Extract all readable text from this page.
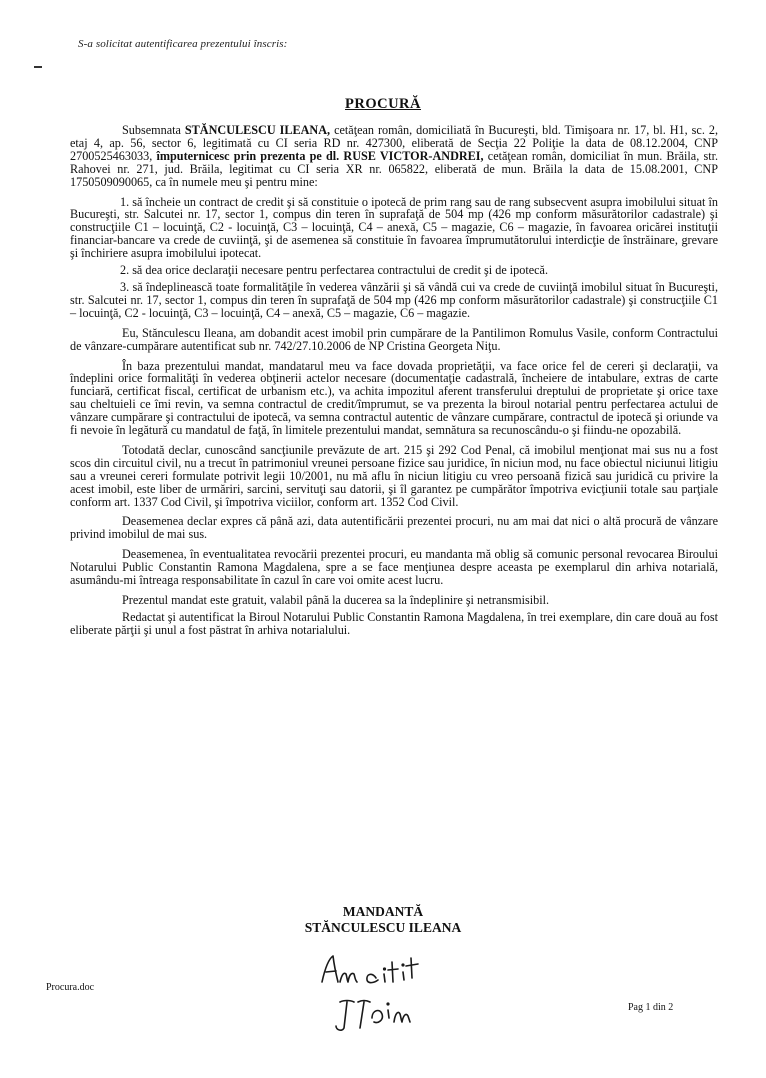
S-a solicitat autentificarea prezentului înscris:
PROCURĂ

Subsemnata STĂNCULESCU ILEANA, cetăţean român, domiciliată în Bucureşti, bld. Timişoara nr. 17, bl. H1, sc. 2, etaj 4, ap. 56, sector 6, legitimată cu CI seria RD nr. 427300, eliberată de Secţia 22 Poliţie la data de 08.12.2004, CNP 2700525463033, împuternicesc prin prezenta pe dl. RUSE VICTOR-ANDREI, cetăţean român, domiciliat în mun. Brăila, str. Rahovei nr. 271, jud. Brăila, legitimat cu CI seria XR nr. 065822, eliberată de mun. Brăila la data de 15.08.2001, CNP 1750509090065, ca în numele meu şi pentru mine:

1. să încheie un contract de credit şi să constituie o ipotecă de prim rang sau de rang subsecvent asupra imobilului situat în Bucureşti, str. Salcutei nr. 17, sector 1, compus din teren în suprafaţă de 504 mp (426 mp conform măsurătorilor cadastrale) şi construcţiile C1 – locuinţă, C2 - locuinţă, C3 – locuinţă, C4 – anexă, C5 – magazie, C6 – magazie, în favoarea oricărei instituţii financiar-bancare va crede de cuviinţă, şi de asemenea să constituie în favoarea împrumutătorului interdicţie de înstrăinare, grevare şi închiriere asupra imobilului ipotecat.

2. să dea orice declaraţii necesare pentru perfectarea contractului de credit şi de ipotecă.

3. să îndeplinească toate formalităţile în vederea vânzării şi să vândă cui va crede de cuviinţă imobilul situat în Bucureşti, str. Salcutei nr. 17, sector 1, compus din teren în suprafaţă de 504 mp (426 mp conform măsurătorilor cadastrale) şi construcţiile C1 – locuinţă, C2 - locuinţă, C3 – locuinţă, C4 – anexă, C5 – magazie, C6 – magazie.

Eu, Stănculescu Ileana, am dobandit acest imobil prin cumpărare de la Pantilimon Romulus Vasile, conform Contractului de vânzare-cumpărare autentificat sub nr. 742/27.10.2006 de NP Cristina Georgeta Niţu.

În baza prezentului mandat, mandatarul meu va face dovada proprietăţii, va face orice fel de cereri şi declaraţii, va îndeplini orice formalităţi în vederea obţinerii actelor necesare (documentaţie cadastrală, încheiere de intabulare, extras de carte funciară, certificat fiscal, certificat de urbanism etc.), va achita impozitul aferent transferului dreptului de proprietate şi orice taxe sau cheltuieli ce îmi revin, va semna contractul de credit/împrumut, se va prezenta la biroul notarial pentru perfectarea actului de vânzare cumpărare şi contractului de ipotecă, va semna contractul autentic de vânzare cumpărare, contractul de ipotecă şi oriunde va fi nevoie în legătură cu mandatul de faţă, în limitele prezentului mandat, semnătura sa recunoscându-o şi fiindu-ne opozabilă.

Totodată declar, cunoscând sancţiunile prevăzute de art. 215 şi 292 Cod Penal, că imobilul menţionat mai sus nu a fost scos din circuitul civil, nu a trecut în patrimoniul vreunei persoane fizice sau juridice, în niciun mod, nu face obiectul niciunui litigiu sau a vreunei cereri formulate potrivit legii 10/2001, nu mă aflu în niciun litigiu cu vreo persoană fizică sau juridică cu privire la acest imobil, este liber de urmăriri, sarcini, servituţi sau datorii, şi îl garantez pe cumpărător împotriva evicţiunii totale sau parţiale conform art. 1337 Cod Civil, şi împotriva viciilor, conform art. 1352 Cod Civil.

Deasemenea declar expres că până azi, data autentificării prezentei procuri, nu am mai dat nici o altă procură de vânzare privind imobilul de mai sus.

Deasemenea, în eventualitatea revocării prezentei procuri, eu mandanta mă oblig să comunic personal revocarea Biroului Notarului Public Constantin Ramona Magdalena, spre a se face menţiunea despre aceasta pe exemplarul din arhiva notarială, asumându-mi întreaga responsabilitate în cazul în care voi omite acest lucru.

Prezentul mandat este gratuit, valabil până la ducerea sa la îndeplinire şi netransmisibil.

Redactat şi autentificat la Biroul Notarului Public Constantin Ramona Magdalena, în trei exemplare, din care două au fost eliberate părţii şi unul a fost păstrat în arhiva notarialului.

MANDANTĂ
STĂNCULESCU ILEANA
Procura.doc
Pag 1 din 2
